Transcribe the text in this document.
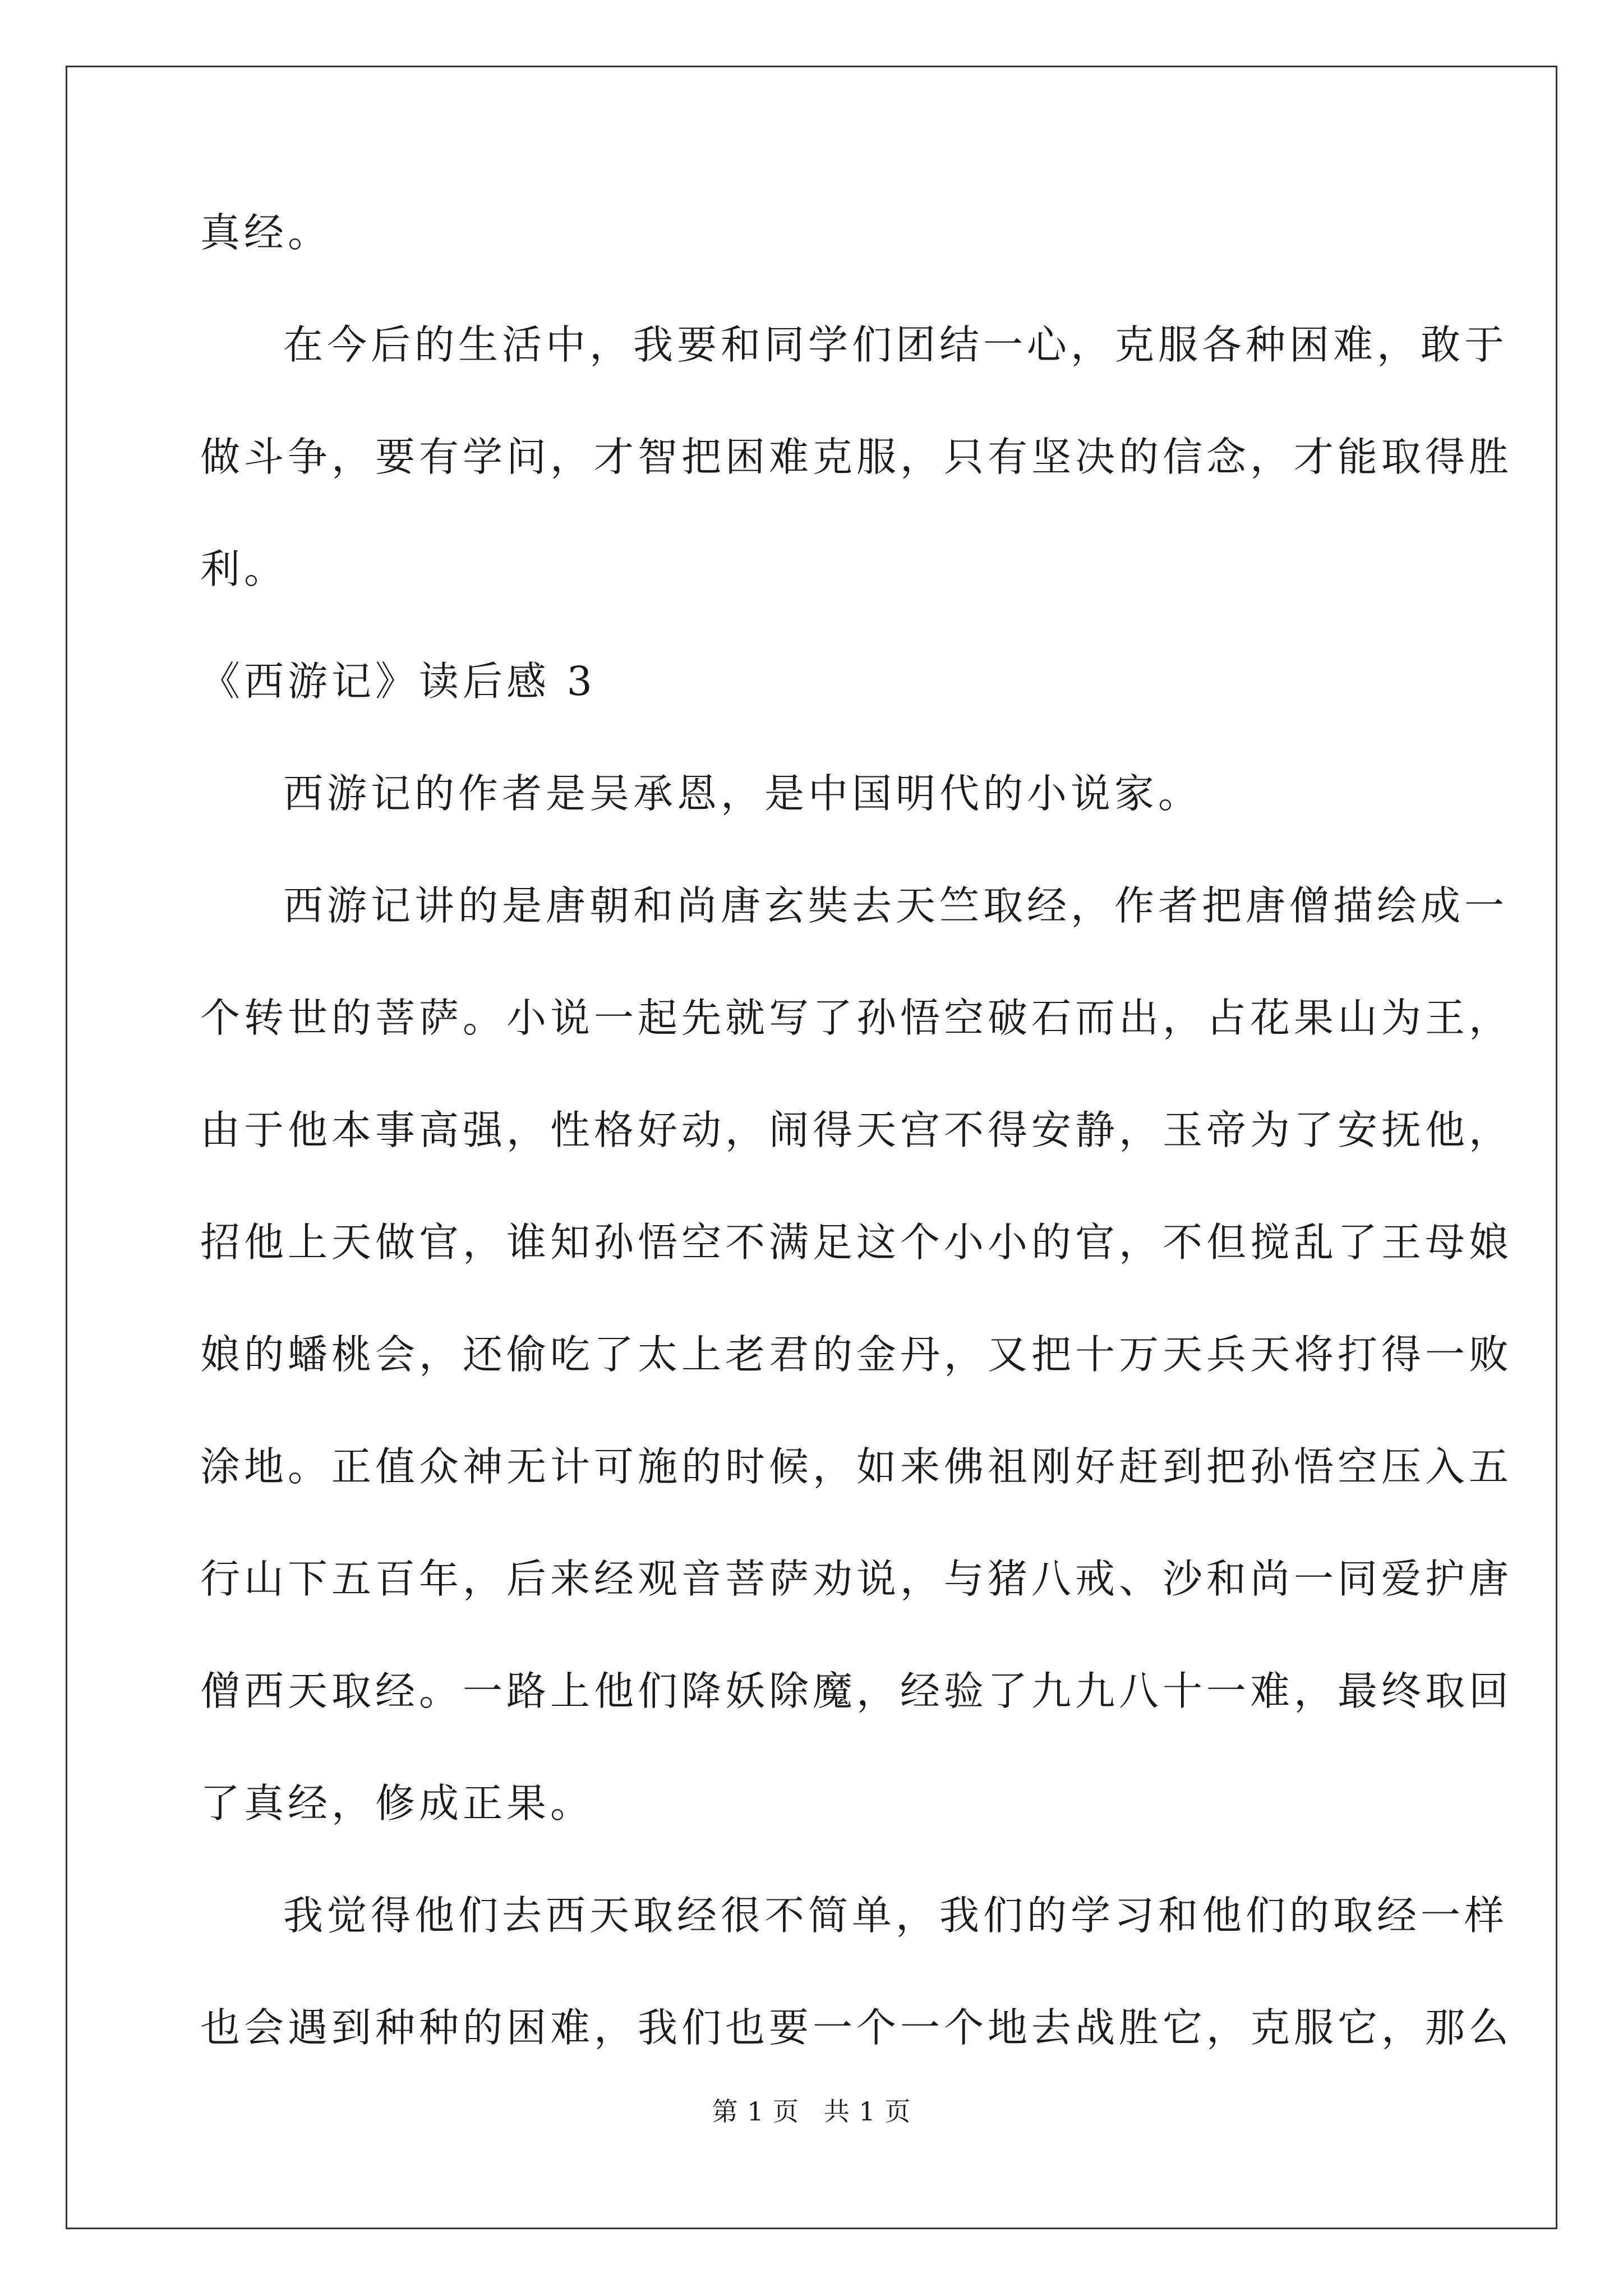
真经。

在今后的生活中，我要和同学们团结一心，克服各种困难，敢于

做斗争，要有学问，才智把困难克服，只有坚决的信念，才能取得胜

利。

《西游记》读后感 3

西游记的作者是吴承恩，是中国明代的小说家。

西游记讲的是唐朝和尚唐玄奘去天竺取经，作者把唐僧描绘成一

个转世的菩萨。小说一起先就写了孙悟空破石而出，占花果山为王，

由于他本事高强，性格好动，闹得天宫不得安静，玉帝为了安抚他，

招他上天做官，谁知孙悟空不满足这个小小的官，不但搅乱了王母娘

娘的蟠桃会，还偷吃了太上老君的金丹，又把十万天兵天将打得一败

涂地。正值众神无计可施的时候，如来佛祖刚好赶到把孙悟空压入五

行山下五百年，后来经观音菩萨劝说，与猪八戒、沙和尚一同爱护唐

僧西天取经。一路上他们降妖除魔，经验了九九八十一难，最终取回

了真经，修成正果。

我觉得他们去西天取经很不简单，我们的学习和他们的取经一样

也会遇到种种的困难，我们也要一个一个地去战胜它，克服它，那么

第 1 页 共 1 页
